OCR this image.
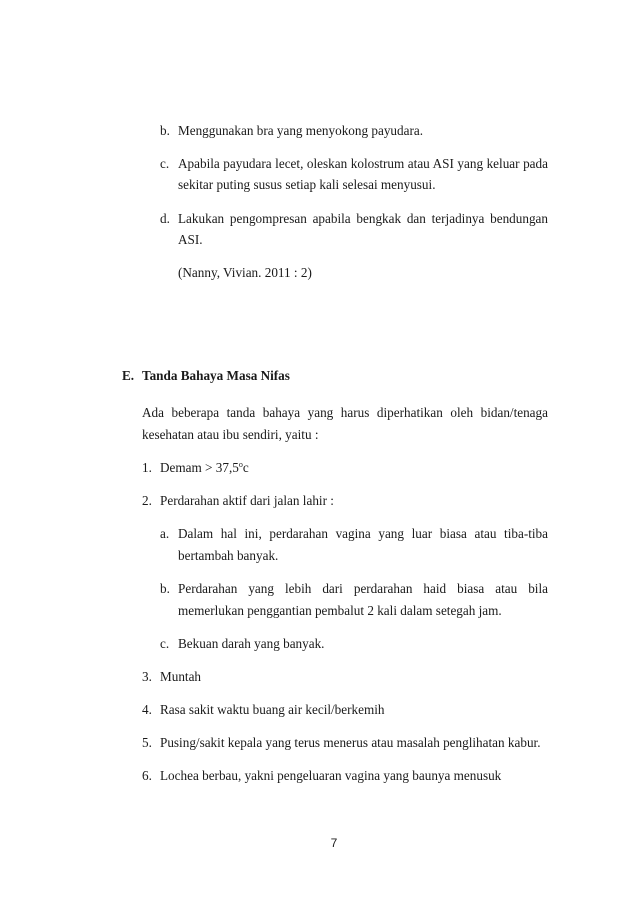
b. Menggunakan bra yang menyokong payudara.
c. Apabila payudara lecet, oleskan kolostrum atau ASI yang keluar pada
sekitar puting susus setiap kali selesai menyusui.
d. Lakukan pengompresan apabila bengkak dan terjadinya bendungan
ASI.
(Nanny, Vivian. 2011 : 2)
E. Tanda Bahaya Masa Nifas
Ada beberapa tanda bahaya yang harus diperhatikan oleh bidan/tenaga
kesehatan atau ibu sendiri, yaitu :
1. Demam > $37,5^oc$
2. Perdarahan aktif dari jalan lahir :
a. Dalam hal ini, perdarahan vagina yang luar biasa atau tiba-tiba
bertambah banyak.
b. Perdarahan yang lebih dari perdarahan haid biasa atau bila
memerlukan penggantian pembalut 2 kali dalam setegah jam.
c. Bekuan darah yang banyak.
3. Muntah
4. Rasa sakit waktu buang air kecil/berkemih
5. Pusing/sakit kepala yang terus menerus atau masalah penglihatan kabur.
6. Lochea berbau, yakni pengeluaran vagina yang baunya menusuk
7
